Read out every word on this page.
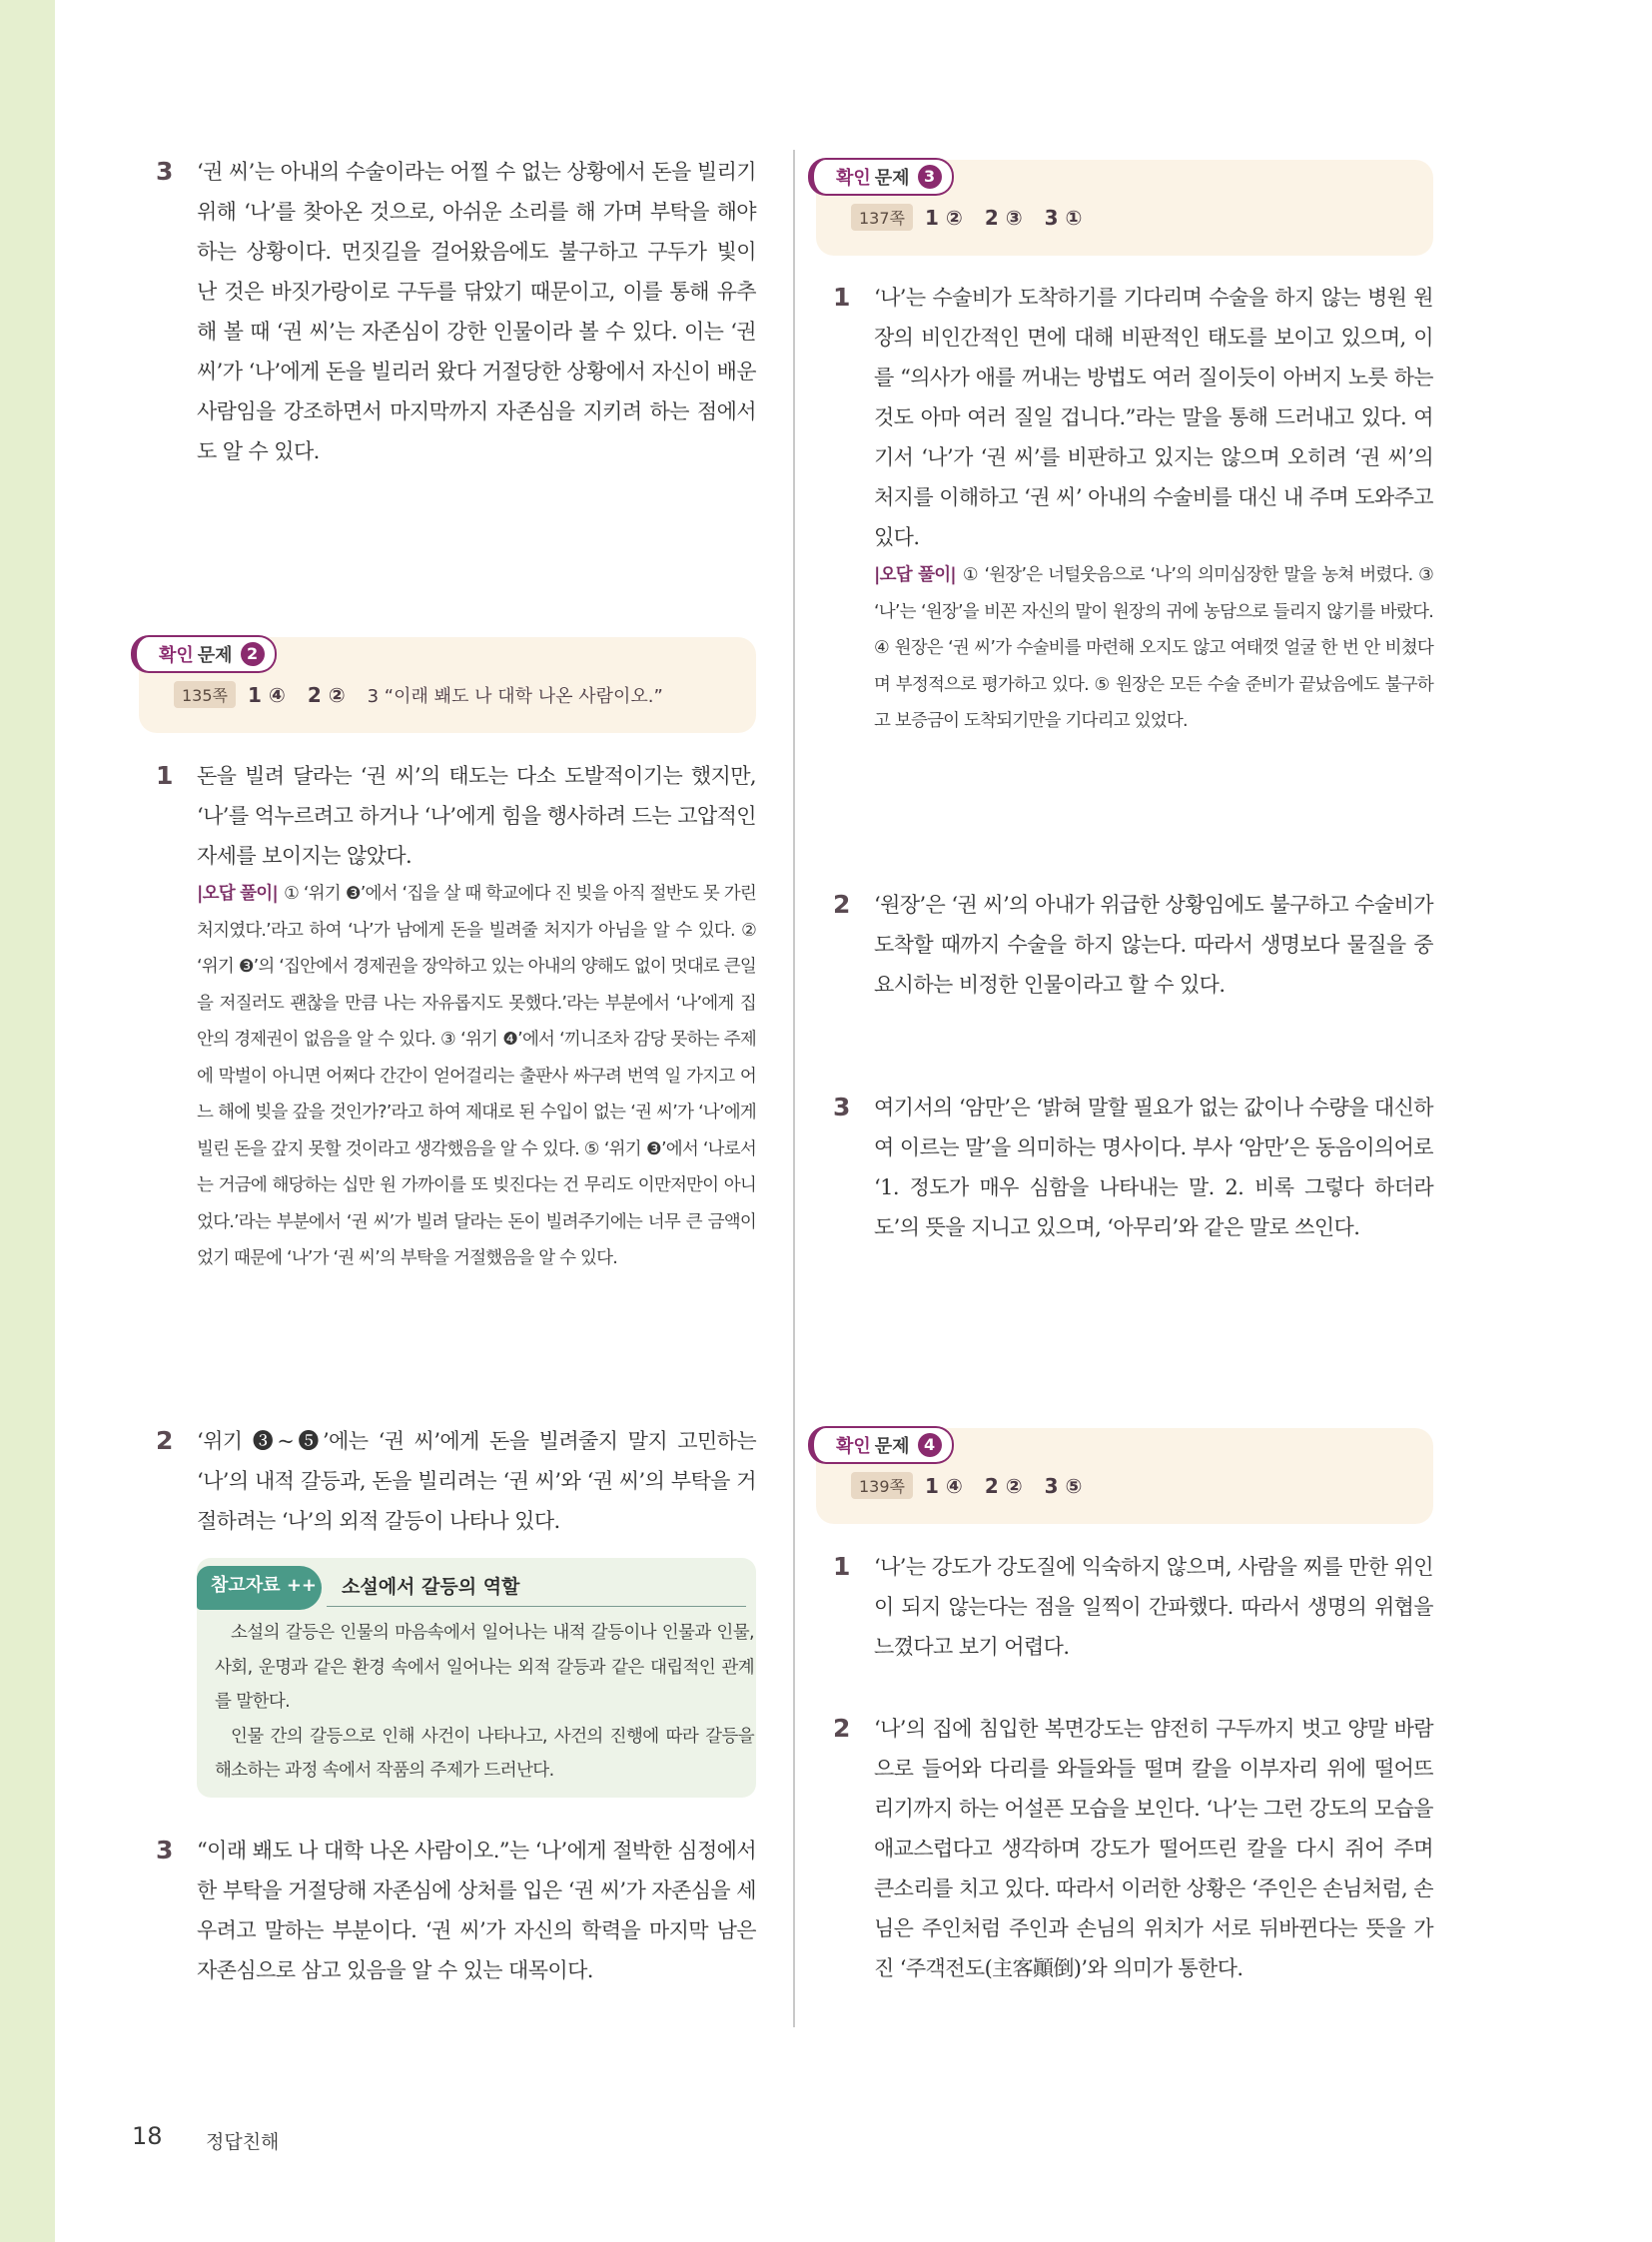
3 ‘권 씨’는 아내의 수술이라는 어찔 수 없는 상황에서 돈을 빌리기 위해 ‘나’를 찾아온 것으로, 아쉬운 소리를 해 가며 부탁을 해야 하는 상황이다. 먼짓길을 걸어왔음에도 불구하고 구두가 빛이 난 것은 바짓가랑이로 구두를 닦았기 때문이고, 이를 통해 유추해 볼 때 ‘권 씨’는 자존심이 강한 인물이라 볼 수 있다. 이는 ‘권 씨’가 ‘나’에게 돈을 빌리러 왔다 거절당한 상황에서 자신이 배운 사람임을 강조하면서 마지막까지 자존심을 지키려 하는 점에서도 알 수 있다.
확인 문제 2
135쪽	1 ④ 2 ② 3 “이래 봬도 나 대학 나온 사람이오.”
1 돈을 빌려 달라는 ‘권 씨’의 태도는 다소 도발적이기는 했지만, ‘나’를 억누르려고 하거나 ‘나’에게 힘을 행사하려 드는 고압적인 자세를 보이지는 않았다.
|오답 풀이| ① ‘위기 ❸’에서 ‘집을 살 때 학교에다 진 빚을 아직 절반도 못 가린 처지였다.’라고 하여 ‘나’가 남에게 돈을 빌려줄 처지가 아님을 알 수 있다. ② ‘위기 ❸’의 ‘집안에서 경제권을 장악하고 있는 아내의 양해도 없이 멋대로 큰일을 저질러도 괜찮을 만큼 나는 자유롭지도 못했다.’라는 부분에서 ‘나’에게 집안의 경제권이 없음을 알 수 있다. ③ ‘위기 ❹’에서 ‘끼니조차 감당 못하는 주제에 막벌이 아니면 어쩌다 간간이 얻어걸리는 출판사 싸구려 번역 일 가지고 어느 해에 빚을 갚을 것인가?’라고 하여 제대로 된 수입이 없는 ‘권 씨’가 ‘나’에게 빌린 돈을 갚지 못할 것이라고 생각했음을 알 수 있다. ⑤ ‘위기 ❸’에서 ‘나로서는 거금에 해당하는 십만 원 가까이를 또 빚진다는 건 무리도 이만저만이 아니었다.’라는 부분에서 ‘권 씨’가 빌려 달라는 돈이 빌려주기에는 너무 큰 금액이었기 때문에 ‘나’가 ‘권 씨’의 부탁을 거절했음을 알 수 있다.
2 ‘위기 ❸~❺’에는 ‘권 씨’에게 돈을 빌려줄지 말지 고민하는 ‘나’의 내적 갈등과, 돈을 빌리려는 ‘권 씨’와 ‘권 씨’의 부탁을 거절하려는 ‘나’의 외적 갈등이 나타나 있다.
참고자료 ++ 소설에서 갈등의 역할

소설의 갈등은 인물의 마음속에서 일어나는 내적 갈등이나 인물과 인물, 사회, 운명과 같은 환경 속에서 일어나는 외적 갈등과 같은 대립적인 관계를 말한다.

인물 간의 갈등으로 인해 사건이 나타나고, 사건의 진행에 따라 갈등을 해소하는 과정 속에서 작품의 주제가 드러난다.

3 “이래 봬도 나 대학 나온 사람이오.”는 ‘나’에게 절박한 심정에서 한 부탁을 거절당해 자존심에 상처를 입은 ‘권 씨’가 자존심을 세우려고 말하는 부분이다. ‘권 씨’가 자신의 학력을 마지막 남은 자존심으로 삼고 있음을 알 수 있는 대목이다.
확인 문제 3
137쪽	1 ② 2 ③ 3 ①
1 ‘나’는 수술비가 도착하기를 기다리며 수술을 하지 않는 병원 원장의 비인간적인 면에 대해 비판적인 태도를 보이고 있으며, 이를 “의사가 애를 꺼내는 방법도 여러 질이듯이 아버지 노릇 하는 것도 아마 여러 질일 겁니다.”라는 말을 통해 드러내고 있다. 여기서 ‘나’가 ‘권 씨’를 비판하고 있지는 않으며 오히려 ‘권 씨’의 처지를 이해하고 ‘권 씨’ 아내의 수술비를 대신 내 주며 도와주고 있다.
|오답 풀이| ① ‘원장’은 너털웃음으로 ‘나’의 의미심장한 말을 농쳐 버렸다. ③ ‘나’는 ‘원장’을 비꼰 자신의 말이 원장의 귀에 농담으로 들리지 않기를 바랐다. ④ 원장은 ‘권 씨’가 수술비를 마련해 오지도 않고 여태껏 얼굴 한 번 안 비쳤다며 부정적으로 평가하고 있다. ⑤ 원장은 모든 수술 준비가 끝났음에도 불구하고 보증금이 도착되기만을 기다리고 있었다.
2 ‘원장’은 ‘권 씨’의 아내가 위급한 상황임에도 불구하고 수술비가 도착할 때까지 수술을 하지 않는다. 따라서 생명보다 물질을 중요시하는 비정한 인물이라고 할 수 있다.
3 여기서의 ‘암만’은 ‘밝혀 말할 필요가 없는 값이나 수량을 대신하여 이르는 말’을 의미하는 명사이다. 부사 ‘암만’은 동음이의어로 ‘1. 정도가 매우 심함을 나타내는 말. 2. 비록 그렇다 하더라도’의 뜻을 지니고 있으며, ‘아무리’와 같은 말로 쓰인다.
확인 문제 4
139쪽	1 ④ 2 ② 3 ⑤
1 ‘나’는 강도가 강도질에 익숙하지 않으며, 사람을 찌를 만한 위인이 되지 않는다는 점을 일찍이 간파했다. 따라서 생명의 위협을 느꼈다고 보기 어렵다.
2 ‘나’의 집에 침입한 복면강도는 얌전히 구두까지 벗고 양말 바람으로 들어와 다리를 와들와들 떨며 칼을 이부자리 위에 떨어뜨리기까지 하는 어설픈 모습을 보인다. ‘나’는 그런 강도의 모습을 애교스럽다고 생각하며 강도가 떨어뜨린 칼을 다시 쥐어 주며 큰소리를 치고 있다. 따라서 이러한 상황은 ‘주인은 손님처럼, 손님은 주인처럼 주인과 손님의 위치가 서로 뒤바뀐다는 뜻을 가진 ‘주객전도(主客顚倒)’와 의미가 통한다.
18 정답친해
